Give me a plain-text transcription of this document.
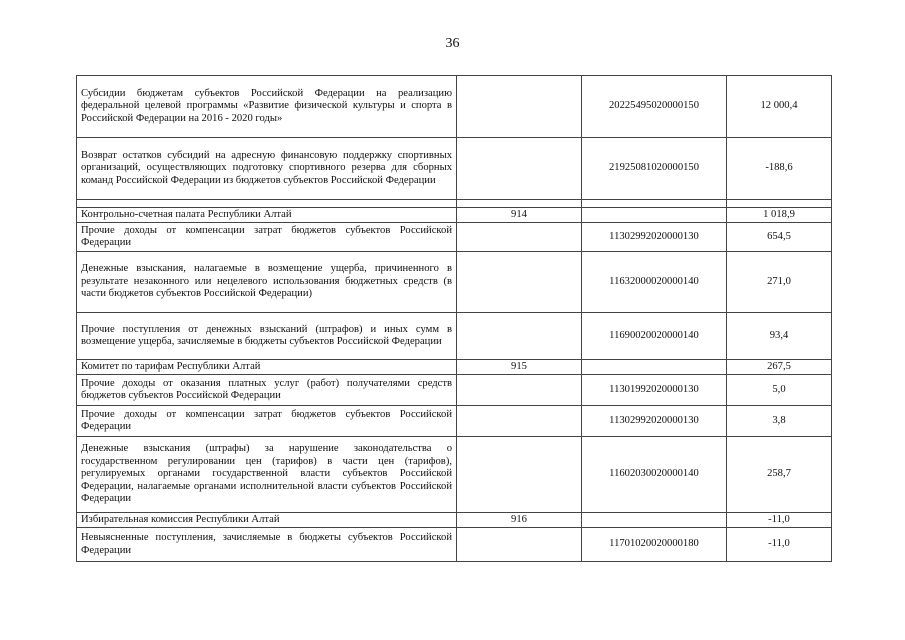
36
Субсидии бюджетам субъектов Российской Федерации на реализацию федеральной целевой программы «Развитие физической культуры и спорта в Российской Федерации на 2016 - 2020 годы»		20225495020000150	12 000,4
Возврат остатков субсидий на адресную финансовую поддержку спортивных организаций, осуществляющих подготовку спортивного резерва для сборных команд Российской Федерации из бюджетов субъектов Российской Федерации		21925081020000150	-188,6

Контрольно-счетная палата Республики Алтай	914		1 018,9
Прочие доходы от компенсации затрат бюджетов субъектов Российской Федерации		11302992020000130	654,5
Денежные взыскания, налагаемые в возмещение ущерба, причиненного в результате незаконного или нецелевого использования бюджетных средств (в части бюджетов субъектов Российской Федерации)		11632000020000140	271,0
Прочие поступления от денежных взысканий (штрафов) и иных сумм в возмещение ущерба, зачисляемые в бюджеты субъектов Российской Федерации		11690020020000140	93,4
Комитет по тарифам Республики Алтай	915		267,5
Прочие доходы от оказания платных услуг (работ) получателями средств бюджетов субъектов Российской Федерации		11301992020000130	5,0
Прочие доходы от компенсации затрат бюджетов субъектов Российской Федерации		11302992020000130	3,8
Денежные взыскания (штрафы) за нарушение законодательства о государственном регулировании цен (тарифов) в части цен (тарифов), регулируемых органами государственной власти субъектов Российской Федерации, налагаемые органами исполнительной власти субъектов Российской Федерации		11602030020000140	258,7
Избирательная комиссия Республики Алтай	916		-11,0
Невыясненные поступления, зачисляемые в бюджеты субъектов Российской Федерации		11701020020000180	-11,0
